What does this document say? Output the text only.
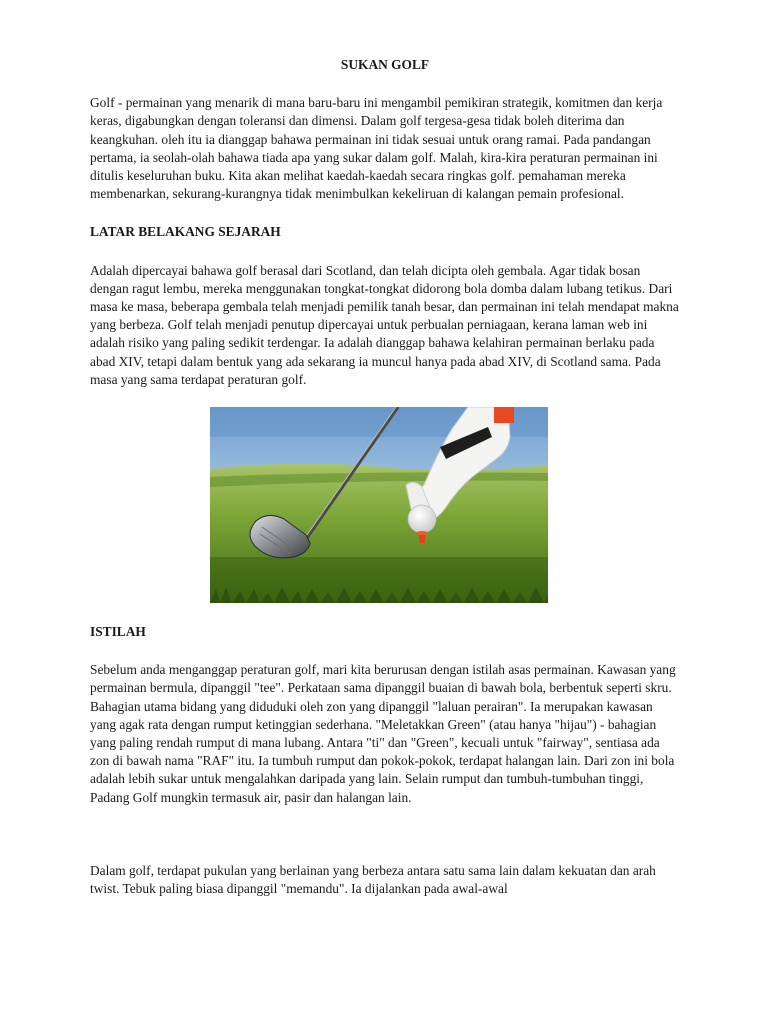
SUKAN GOLF

Golf - permainan yang menarik di mana baru-baru ini mengambil pemikiran strategik, komitmen dan kerja keras, digabungkan dengan toleransi dan dimensi. Dalam golf tergesa-gesa tidak boleh diterima dan keangkuhan. oleh itu ia dianggap bahawa permainan ini tidak sesuai untuk orang ramai. Pada pandangan pertama, ia seolah-olah bahawa tiada apa yang sukar dalam golf. Malah, kira-kira peraturan permainan ini ditulis keseluruhan buku. Kita akan melihat kaedah-kaedah secara ringkas golf. pemahaman mereka membenarkan, sekurang-kurangnya tidak menimbulkan kekeliruan di kalangan pemain profesional.

LATAR BELAKANG SEJARAH

Adalah dipercayai bahawa golf berasal dari Scotland, dan telah dicipta oleh gembala. Agar tidak bosan dengan ragut lembu, mereka menggunakan tongkat-tongkat didorong bola domba dalam lubang tetikus. Dari masa ke masa, beberapa gembala telah menjadi pemilik tanah besar, dan permainan ini telah mendapat makna yang berbeza. Golf telah menjadi penutup dipercayai untuk perbualan perniagaan, kerana laman web ini adalah risiko yang paling sedikit terdengar. Ia adalah dianggap bahawa kelahiran permainan berlaku pada abad XIV, tetapi dalam bentuk yang ada sekarang ia muncul hanya pada abad XIV, di Scotland sama. Pada masa yang sama terdapat peraturan golf.

ISTILAH

Sebelum anda menganggap peraturan golf, mari kita berurusan dengan istilah asas permainan. Kawasan yang permainan bermula, dipanggil "tee". Perkataan sama dipanggil buaian di bawah bola, berbentuk seperti skru. Bahagian utama bidang yang diduduki oleh zon yang dipanggil "laluan perairan". Ia merupakan kawasan yang agak rata dengan rumput ketinggian sederhana. "Meletakkan Green" (atau hanya "hijau") - bahagian yang paling rendah rumput di mana lubang. Antara "ti" dan "Green", kecuali untuk "fairway", sentiasa ada zon di bawah nama "RAF" itu. Ia tumbuh rumput dan pokok-pokok, terdapat halangan lain. Dari zon ini bola adalah lebih sukar untuk mengalahkan daripada yang lain. Selain rumput dan tumbuh-tumbuhan tinggi, Padang Golf mungkin termasuk air, pasir dan halangan lain.

Dalam golf, terdapat pukulan yang berlainan yang berbeza antara satu sama lain dalam kekuatan dan arah twist. Tebuk paling biasa dipanggil "memandu". Ia dijalankan pada awal-awal
